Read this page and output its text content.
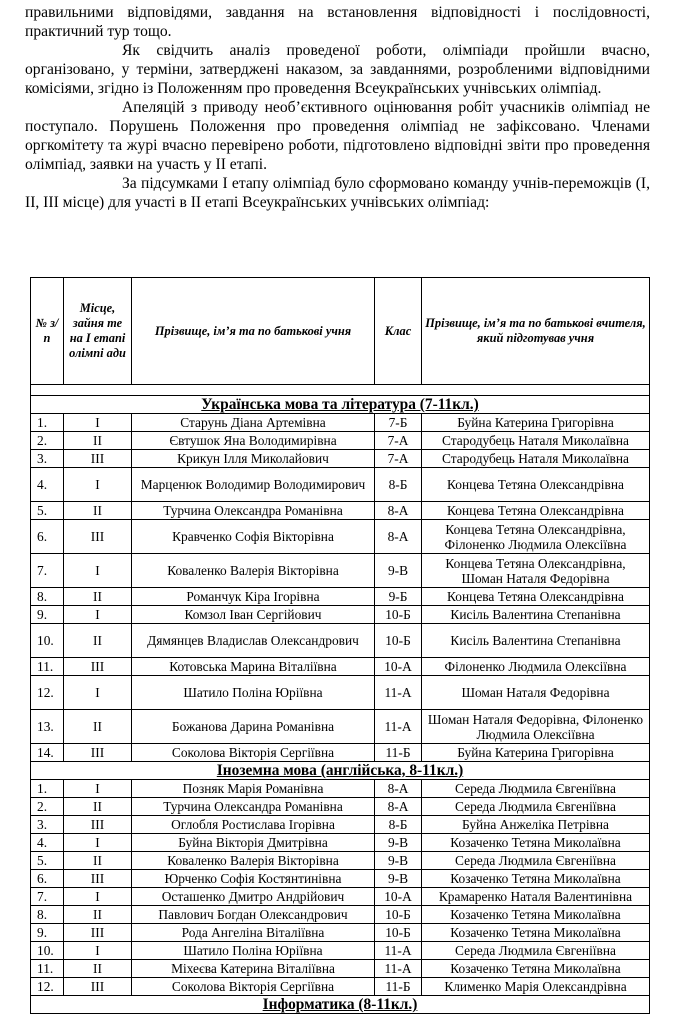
правильними відповідями, завдання на встановлення відповідності і послідовності, практичний тур тощо.

Як свідчить аналіз проведеної роботи, олімпіади пройшли вчасно, організовано, у терміни, затверджені наказом, за завданнями, розробленими відповідними комісіями, згідно із Положенням про проведення Всеукраїнських учнівських олімпіад.

Апеляцій з приводу необ’єктивного оцінювання робіт учасників олімпіад не поступало. Порушень Положення про проведення олімпіад не зафіксовано. Членами оргкомітету та журі вчасно перевірено роботи, підготовлено відповідні звіти про проведення олімпіад, заявки на участь у ІІ етапі.

За підсумками І етапу олімпіад було сформовано команду учнів-переможців (І, ІІ, ІІІ місце) для участі в ІІ етапі Всеукраїнських учнівських олімпіад:

№ з/п	Місце, зайня те на І етапі олімпі ади	Прізвище, ім’я та по батькові учня	Клас	Прізвище, ім’я та по батькові вчителя, який підготував учня

Українська мова та література (7-11кл.)				
1.	І	Старунь Діана Артемівна	7-Б	Буйна Катерина Григорівна
2.	ІІ	Євтушок Яна Володимирівна	7-А	Стародубець Наталя Миколаївна
3.	ІІІ	Крикун Ілля Миколайович	7-А	Стародубець Наталя Миколаївна
4.	І	Марценюк Володимир Володимирович	8-Б	Концева Тетяна Олександрівна
5.	ІІ	Турчина Олександра Романівна	8-А	Концева Тетяна Олександрівна
6.	ІІІ	Кравченко Софія Вікторівна	8-А	Концева Тетяна Олександрівна, Філоненко Людмила Олексіївна
7.	І	Коваленко Валерія Вікторівна	9-В	Концева Тетяна Олександрівна, Шоман Наталя Федорівна
8.	ІІ	Романчук Кіра Ігорівна	9-Б	Концева Тетяна Олександрівна
9.	І	Комзол Іван Сергійович	10-Б	Кисіль Валентина Степанівна
10.	ІІ	Дямянцев Владислав Олександрович	10-Б	Кисіль Валентина Степанівна
11.	ІІІ	Котовська Марина Віталіївна	10-А	Філоненко Людмила Олексіївна
12.	І	Шатило Поліна Юріївна	11-А	Шоман Наталя Федорівна
13.	ІІ	Божанова Дарина Романівна	11-А	Шоман Наталя Федорівна, Філоненко Людмила Олексіївна
14.	ІІІ	Соколова Вікторія Сергіївна	11-Б	Буйна Катерина Григорівна
Іноземна мова (англійська, 8-11кл.)				
1.	І	Позняк Марія Романівна	8-А	Середа Людмила Євгеніївна
2.	ІІ	Турчина Олександра Романівна	8-А	Середа Людмила Євгеніївна
3.	ІІІ	Оглобля Ростислава Ігорівна	8-Б	Буйна Анжеліка Петрівна
4.	І	Буйна Вікторія Дмитрівна	9-В	Козаченко Тетяна Миколаївна
5.	ІІ	Коваленко Валерія Вікторівна	9-В	Середа Людмила Євгеніївна
6.	ІІІ	Юрченко Софія Костянтинівна	9-В	Козаченко Тетяна Миколаївна
7.	І	Осташенко Дмитро Андрійович	10-А	Крамаренко Наталя Валентинівна
8.	ІІ	Павлович Богдан Олександрович	10-Б	Козаченко Тетяна Миколаївна
9.	ІІІ	Рода Ангеліна Віталіївна	10-Б	Козаченко Тетяна Миколаївна
10.	І	Шатило Поліна Юріївна	11-А	Середа Людмила Євгеніївна
11.	ІІ	Міхеєва Катерина Віталіївна	11-А	Козаченко Тетяна Миколаївна
12.	ІІІ	Соколова Вікторія Сергіївна	11-Б	Клименко Марія Олександрівна
Інформатика (8-11кл.)				
